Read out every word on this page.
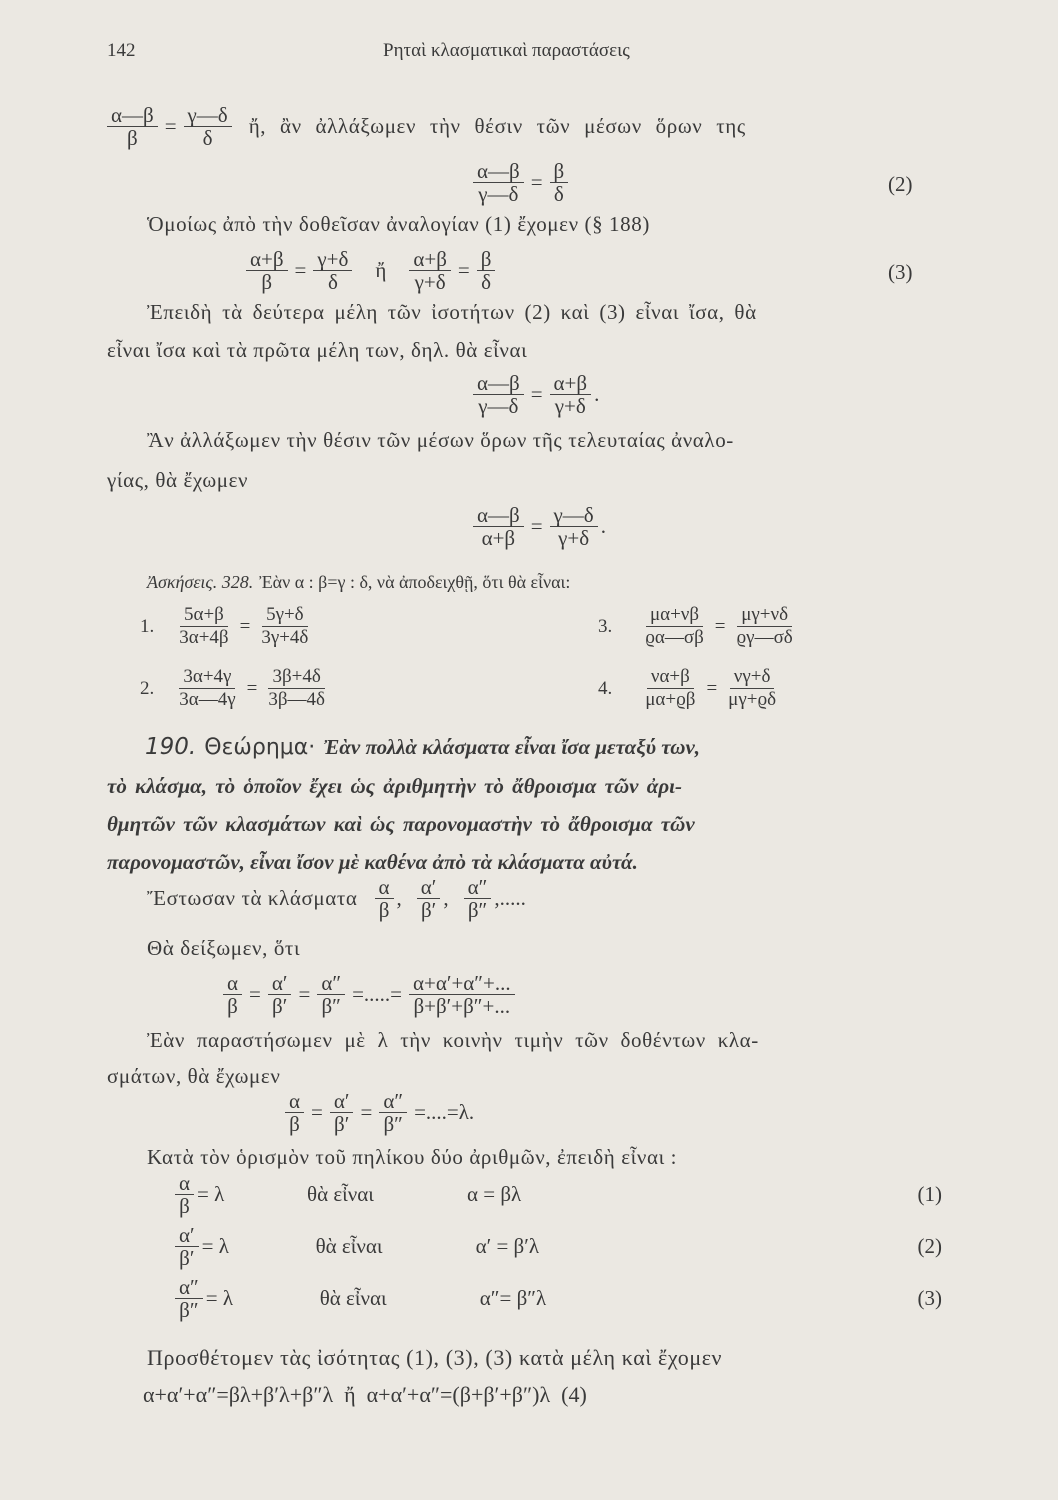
142	Ρηταὶ κλασματικαὶ παραστάσεις
$\frac{\alpha—\beta}{\beta} = \frac{\gamma—\delta}{\delta}$ ἤ, ἂν ἀλλάξωμεν τὴν θέσιν τῶν μέσων ὅρων της
$\frac{\alpha—\beta}{\gamma—\delta} = \frac{\beta}{\delta}$	(2)
Ὁμοίως ἀπὸ τὴν δοθεῖσαν ἀναλογίαν (1) ἔχομεν (§ 188)
$\frac{\alpha+\beta}{\beta} = \frac{\gamma+\delta}{\delta}$ ἤ $\frac{\alpha+\beta}{\gamma+\delta} = \frac{\beta}{\delta}$	(3)
Ἐπειδὴ τὰ δεύτερα μέλη τῶν ἰσοτήτων (2) καὶ (3) εἶναι ἴσα, θὰ
εἶναι ἴσα καὶ τὰ πρῶτα μέλη των, δηλ. θὰ εἶναι
$\frac{\alpha—\beta}{\gamma—\delta} = \frac{\alpha+\beta}{\gamma+\delta}$ .
Ἂν ἀλλάξωμεν τὴν θέσιν τῶν μέσων ὅρων τῆς τελευταίας ἀναλο-
γίας, θὰ ἔχωμεν
$\frac{\alpha—\beta}{\alpha+\beta} = \frac{\gamma—\delta}{\gamma+\delta}$ .
Ἀσκήσεις. 328. Ἐὰν α : β=γ : δ, νὰ ἀποδειχθῇ, ὅτι θὰ εἶναι:
1. $\frac{5\alpha+\beta}{3\alpha+4\beta} = \frac{5\gamma+\delta}{3\gamma+4\delta}$
2. $\frac{3\alpha+4\gamma}{3\alpha—4\gamma} = \frac{3\beta+4\delta}{3\beta—4\delta}$
3. $\frac{\mu\alpha+\nu\beta}{ϱ\alpha—\sigma\beta} = \frac{\mu\gamma+\nu\delta}{ϱ\gamma—\sigma\delta}$
4. $\frac{\nu\alpha+\beta}{\mu\alpha+ϱ\beta} = \frac{\nu\gamma+\delta}{\mu\gamma+ϱ\delta}$
190. Θεώρημα· Ἐὰν πολλὰ κλάσματα εἶναι ἴσα μεταξύ των,
τὸ κλάσμα, τὸ ὁποῖον ἔχει ὡς ἀριθμητὴν τὸ ἄθροισμα τῶν ἀρι-
θμητῶν τῶν κλασμάτων καὶ ὡς παρονομαστὴν τὸ ἄθροισμα τῶν
παρονομαστῶν, εἶναι ἴσον μὲ καθένα ἀπὸ τὰ κλάσματα αὐτά.
Ἔστωσαν τὰ κλάσματα $\frac{\alpha}{\beta}$ , $\frac{\alpha'}{\beta'}$ , $\frac{\alpha''}{\beta''}$ ,.....
Θὰ δείξωμεν, ὅτι
$\frac{\alpha}{\beta} = \frac{\alpha'}{\beta'} = \frac{\alpha''}{\beta''}$ =.....= $\frac{\alpha+\alpha'+\alpha''+...}{\beta+\beta'+\beta''+...}$
Ἐὰν παραστήσωμεν μὲ λ τὴν κοινὴν τιμὴν τῶν δοθέντων κλα-
σμάτων, θὰ ἔχωμεν
$\frac{\alpha}{\beta} = \frac{\alpha'}{\beta'} = \frac{\alpha''}{\beta''} =....=\lambda$.
Κατὰ τὸν ὁρισμὸν τοῦ πηλίκου δύο ἀριθμῶν, ἐπειδὴ εἶναι :
$\frac{\alpha}{\beta} = \lambda$	θὰ εἶναι	α = βλ	(1)
$\frac{\alpha'}{\beta'} = \lambda$	θὰ εἶναι	α′ = β′λ	(2)
$\frac{\alpha''}{\beta''} = \lambda$	θὰ εἶναι	α″= β″λ	(3)
Προσθέτομεν τὰς ἰσότητας (1), (3), (3) κατὰ μέλη καὶ ἔχομεν
α+α′+α″=βλ+β′λ+β″λ  ἤ  α+α′+α″=(β+β′+β″)λ  (4)
